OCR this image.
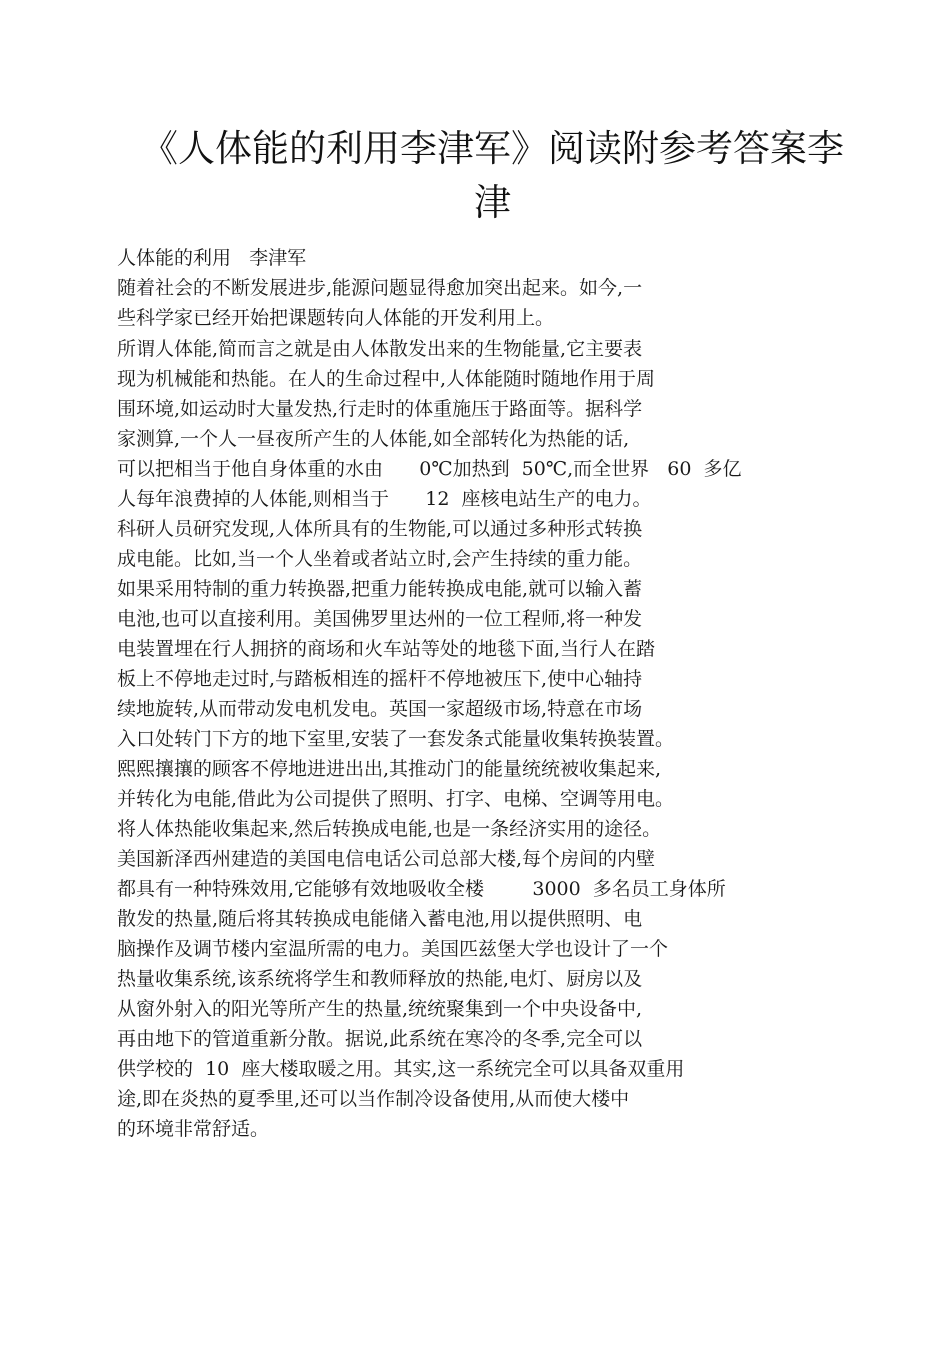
《人体能的利用李津军》阅读附参考答案李
津
人体能的利用   李津军
随着社会的不断发展进步,能源问题显得愈加突出起来。如今,一
些科学家已经开始把课题转向人体能的开发利用上。
所谓人体能,简而言之就是由人体散发出来的生物能量,它主要表
现为机械能和热能。在人的生命过程中,人体能随时随地作用于周
围环境,如运动时大量发热,行走时的体重施压于路面等。据科学
家测算,一个人一昼夜所产生的人体能,如全部转化为热能的话,
可以把相当于他自身体重的水由      0℃加热到  50℃,而全世界   60  多亿
人每年浪费掉的人体能,则相当于      12  座核电站生产的电力。
科研人员研究发现,人体所具有的生物能,可以通过多种形式转换
成电能。比如,当一个人坐着或者站立时,会产生持续的重力能。
如果采用特制的重力转换器,把重力能转换成电能,就可以输入蓄
电池,也可以直接利用。美国佛罗里达州的一位工程师,将一种发
电装置埋在行人拥挤的商场和火车站等处的地毯下面,当行人在踏
板上不停地走过时,与踏板相连的摇杆不停地被压下,使中心轴持
续地旋转,从而带动发电机发电。英国一家超级市场,特意在市场
入口处转门下方的地下室里,安装了一套发条式能量收集转换装置。
熙熙攘攘的顾客不停地进进出出,其推动门的能量统统被收集起来,
并转化为电能,借此为公司提供了照明、打字、电梯、空调等用电。
将人体热能收集起来,然后转换成电能,也是一条经济实用的途径。
美国新泽西州建造的美国电信电话公司总部大楼,每个房间的内壁
都具有一种特殊效用,它能够有效地吸收全楼        3000  多名员工身体所
散发的热量,随后将其转换成电能储入蓄电池,用以提供照明、电
脑操作及调节楼内室温所需的电力。美国匹兹堡大学也设计了一个
热量收集系统,该系统将学生和教师释放的热能,电灯、厨房以及
从窗外射入的阳光等所产生的热量,统统聚集到一个中央设备中,
再由地下的管道重新分散。据说,此系统在寒冷的冬季,完全可以
供学校的  10  座大楼取暖之用。其实,这一系统完全可以具备双重用
途,即在炎热的夏季里,还可以当作制冷设备使用,从而使大楼中
的环境非常舒适。
